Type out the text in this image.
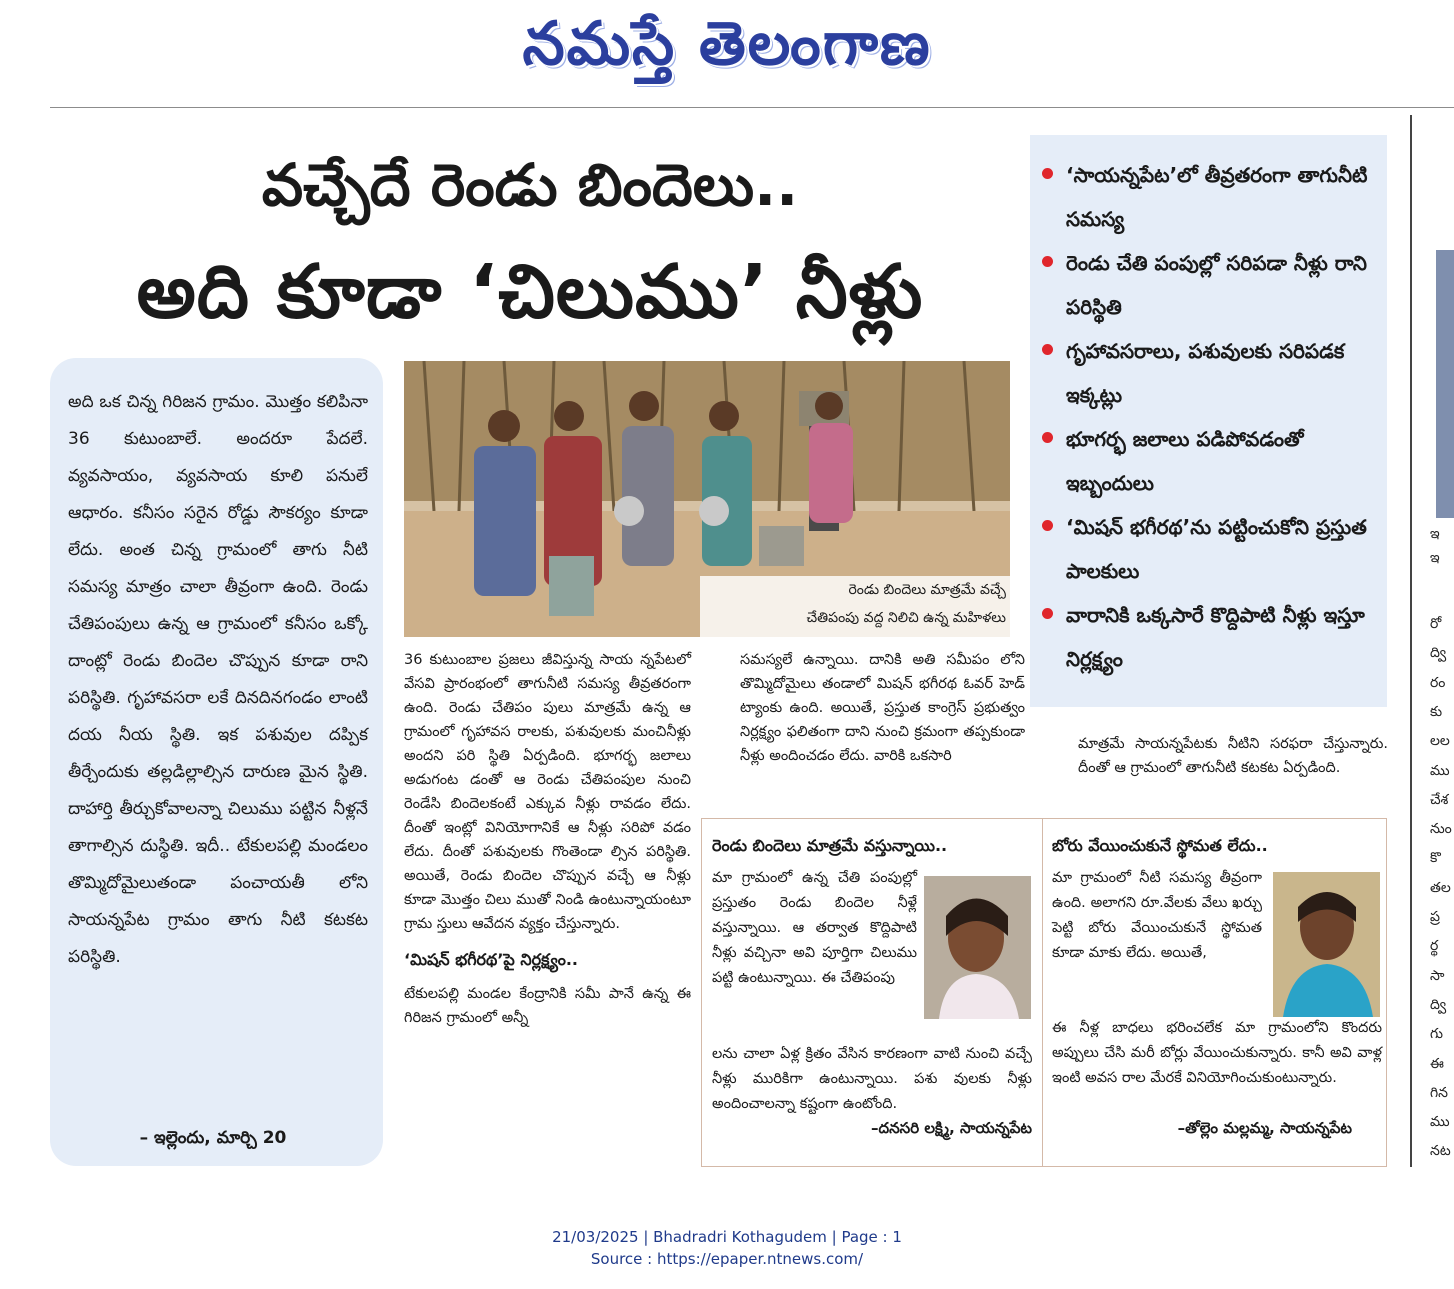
నమస్తే తెలంగాణ
వచ్చేదే రెండు బిందెలు..
అది కూడా ‘చిలుము’ నీళ్లు
‘సాయన్నపేట’లో తీవ్రతరంగా తాగునీటి సమస్య
రెండు చేతి పంపుల్లో సరిపడా నీళ్లు రాని పరిస్థితి
గృహావసరాలు, పశువులకు సరిపడక ఇక్కట్లు
భూగర్భ జలాలు పడిపోవడంతో ఇబ్బందులు
‘మిషన్ భగీరథ’ను పట్టించుకోని ప్రస్తుత పాలకులు
వారానికి ఒక్కసారే కొద్దిపాటి నీళ్లు ఇస్తూ నిర్లక్ష్యం
అది ఒక చిన్న గిరిజన గ్రామం. మొత్తం కలిపినా 36 కుటుంబాలే. అందరూ పేదలే. వ్యవసాయం, వ్యవసాయ కూలి పనులే ఆధారం. కనీసం సరైన రోడ్డు సౌకర్యం కూడా లేదు. అంత చిన్న గ్రామంలో తాగు నీటి సమస్య మాత్రం చాలా తీవ్రంగా ఉంది. రెండు చేతిపంపులు ఉన్న ఆ గ్రామంలో కనీసం ఒక్కో దాంట్లో రెండు బిందెల చొప్పున కూడా రాని పరిస్థితి. గృహావసరా లకే దినదినగండం లాంటి దయ నీయ స్థితి. ఇక పశువుల దప్పిక తీర్చేందుకు తల్లడిల్లాల్సిన దారుణ మైన స్థితి. దాహార్తి తీర్చుకోవాలన్నా చిలుము పట్టిన నీళ్లనే తాగాల్సిన దుస్థితి. ఇదీ.. టేకులపల్లి మండలం తొమ్మిదోమైలుతండా పంచాయతీ లోని సాయన్నపేట గ్రామం తాగు నీటి కటకట పరిస్థితి.
– ఇల్లెందు, మార్చి 20
రెండు బిందెలు మాత్రమే వచ్చే
చేతిపంపు వద్ద నిలిచి ఉన్న మహిళలు
36 కుటుంబాల ప్రజలు జీవిస్తున్న సాయ న్నపేటలో వేసవి ప్రారంభంలో తాగునీటి సమస్య తీవ్రతరంగా ఉంది. రెండు చేతిపం పులు మాత్రమే ఉన్న ఆ గ్రామంలో గృహావస రాలకు, పశువులకు మంచినీళ్లు అందని పరి స్థితి ఏర్పడింది. భూగర్భ జలాలు అడుగంట డంతో ఆ రెండు చేతిపంపుల నుంచి రెండేసి బిందెలకంటే ఎక్కువ నీళ్లు రావడం లేదు. దీంతో ఇంట్లో వినియోగానికే ఆ నీళ్లు సరిపో వడం లేదు. దీంతో పశువులకు గొంతెండా ల్సిన పరిస్థితి. అయితే, రెండు బిందెల చొప్పున వచ్చే ఆ నీళ్లు కూడా మొత్తం చిలు ముతో నిండి ఉంటున్నాయంటూ గ్రామ స్తులు ఆవేదన వ్యక్తం చేస్తున్నారు.
‘మిషన్ భగీరథ’పై నిర్లక్ష్యం..
టేకులపల్లి మండల కేంద్రానికి సమీ పానే ఉన్న ఈ గిరిజన గ్రామంలో అన్నీ
సమస్యలే ఉన్నాయి. దానికి అతి సమీపం లోని తొమ్మిదోమైలు తండాలో మిషన్ భగీరథ ఓవర్ హెడ్ ట్యాంకు ఉంది. అయితే, ప్రస్తుత కాంగ్రెస్ ప్రభుత్వం నిర్లక్ష్యం ఫలితంగా దాని నుంచి క్రమంగా తప్పకుండా నీళ్లు అందించడం లేదు. వారికి ఒకసారి
మాత్రమే సాయన్నపేటకు నీటిని సరఫరా చేస్తున్నారు. దీంతో ఆ గ్రామంలో తాగునీటి కటకట ఏర్పడింది.
రెండు బిందెలు మాత్రమే వస్తున్నాయి..
మా గ్రామంలో ఉన్న చేతి పంపుల్లో ప్రస్తుతం రెండు బిందెల నీళ్లే వస్తున్నాయి. ఆ తర్వాత కొద్దిపాటి నీళ్లు వచ్చినా అవి పూర్తిగా చిలుము పట్టి ఉంటున్నాయి. ఈ చేతిపంపు
లను చాలా ఏళ్ల క్రితం వేసిన కారణంగా వాటి నుంచి వచ్చే నీళ్లు మురికిగా ఉంటున్నాయి. పశు వులకు నీళ్లు అందించాలన్నా కష్టంగా ఉంటోంది.
–దనసరి లక్ష్మి, సాయన్నపేట
బోరు వేయించుకునే స్థోమత లేదు..
మా గ్రామంలో నీటి సమస్య తీవ్రంగా ఉంది. అలాగని రూ.వేలకు వేలు ఖర్చు పెట్టి బోరు వేయించుకునే స్థోమత కూడా మాకు లేదు. అయితే,
ఈ నీళ్ల బాధలు భరించలేక మా గ్రామంలోని కొందరు అప్పులు చేసి మరీ బోర్లు వేయించుకున్నారు. కానీ అవి వాళ్ల ఇంటి అవస రాల మేరకే వినియోగించుకుంటున్నారు.
–తోల్లెం మల్లమ్మ, సాయన్నపేట
రో
ద్వి
రం
కు
లల
ము
చేశ
నుం
కొ
తల
ప్ర
ర్థ
సా
ద్వి
గు
ఈ
గిన
ము
నట
ఇ
ఇ
21/03/2025 | Bhadradri Kothagudem | Page : 1
Source : https://epaper.ntnews.com/
